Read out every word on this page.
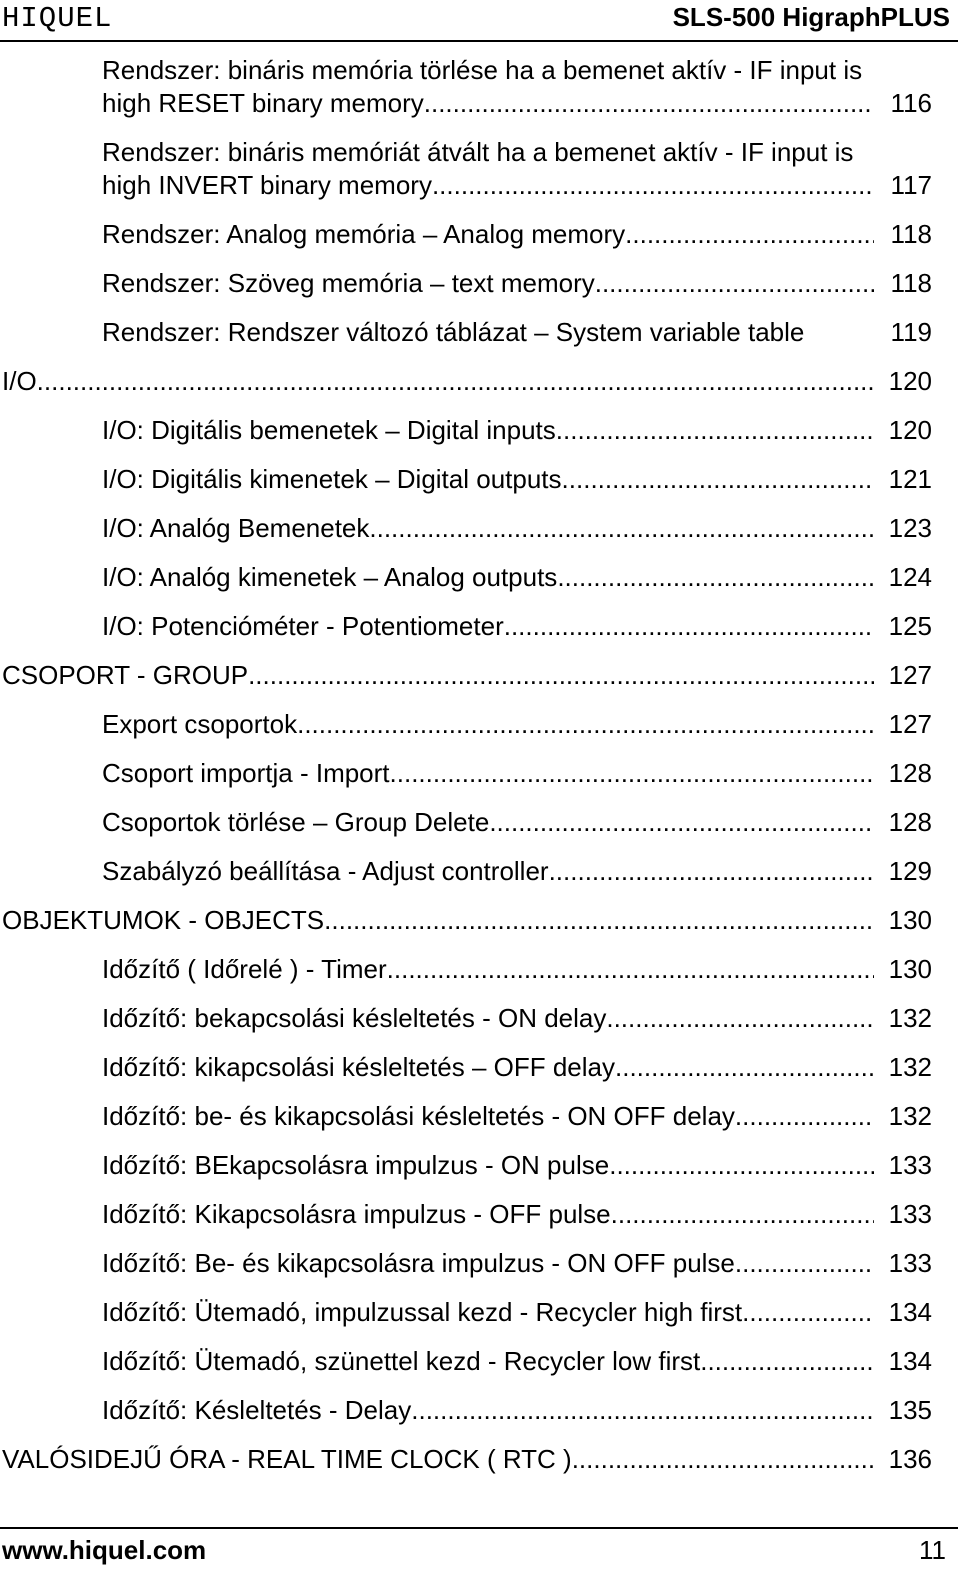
HIQUEL	SLS-500 HigraphPLUS
Rendszer: bináris memória törlése ha a bemenet aktív - IF input is
high RESET binary memory .....	116
Rendszer: bináris memóriát átvált ha a bemenet aktív - IF input is
high INVERT binary memory .....	117
Rendszer: Analog memória – Analog memory .....	118
Rendszer: Szöveg memória – text memory .....	118
Rendszer: Rendszer változó táblázat – System variable table	119
I/O .....	120
I/O: Digitális bemenetek – Digital inputs .....	120
I/O: Digitális kimenetek – Digital outputs .....	121
I/O: Analóg Bemenetek .....	123
I/O: Analóg kimenetek – Analog outputs .....	124
I/O: Potencióméter - Potentiometer .....	125
CSOPORT - GROUP .....	127
Export csoportok .....	127
Csoport importja - Import .....	128
Csoportok törlése – Group Delete .....	128
Szabályzó beállítása - Adjust controller .....	129
OBJEKTUMOK - OBJECTS .....	130
Időzítő ( Időrelé ) - Timer .....	130
Időzítő: bekapcsolási késleltetés - ON delay .....	132
Időzítő: kikapcsolási késleltetés – OFF delay .....	132
Időzítő: be- és kikapcsolási késleltetés - ON OFF delay .....	132
Időzítő: BEkapcsolásra impulzus - ON pulse .....	133
Időzítő: Kikapcsolásra impulzus - OFF pulse .....	133
Időzítő: Be- és kikapcsolásra impulzus - ON OFF pulse .....	133
Időzítő: Ütemadó, impulzussal kezd - Recycler high first .....	134
Időzítő: Ütemadó, szünettel kezd - Recycler low first .....	134
Időzítő: Késleltetés - Delay .....	135
VALÓSIDEJŰ ÓRA - REAL TIME CLOCK ( RTC ) .....	136
www.hiquel.com	11
